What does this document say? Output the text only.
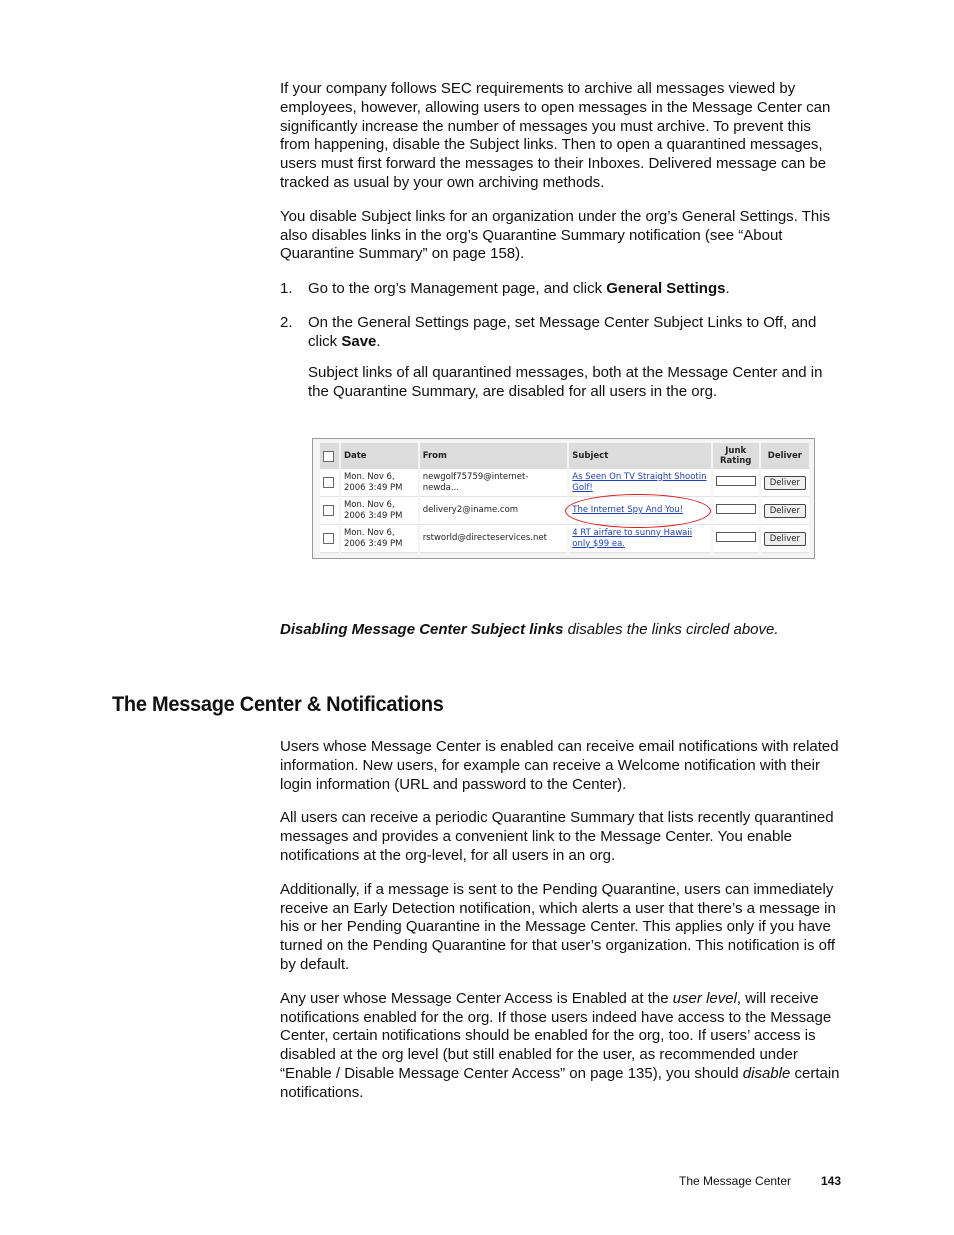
If your company follows SEC requirements to archive all messages viewed by employees, however, allowing users to open messages in the Message Center can significantly increase the number of messages you must archive. To prevent this from happening, disable the Subject links. Then to open a quarantined messages, users must first forward the messages to their Inboxes. Delivered message can be tracked as usual by your own archiving methods.

You disable Subject links for an organization under the org’s General Settings. This also disables links in the org’s Quarantine Summary notification (see “About Quarantine Summary” on page 158).

1. Go to the org’s Management page, and click General Settings.
2. On the General Settings page, set Message Center Subject Links to Off, and click Save.
Subject links of all quarantined messages, both at the Message Center and in the Quarantine Summary, are disabled for all users in the org.
	Date	From	Subject	Junk Rating	Deliver
	Mon. Nov 6, 2006 3:49 PM	newgolf75759@internet-newda...	As Seen On TV Straight Shootin Golf!		Deliver
	Mon. Nov 6, 2006 3:49 PM	delivery2@iname.com	The Internet Spy And You!		Deliver
	Mon. Nov 6, 2006 3:49 PM	rstworld@directeservices.net	4 RT airfare to sunny Hawaii only $99 ea.		Deliver
Disabling Message Center Subject links disables the links circled above.
The Message Center & Notifications

Users whose Message Center is enabled can receive email notifications with related information. New users, for example can receive a Welcome notification with their login information (URL and password to the Center).

All users can receive a periodic Quarantine Summary that lists recently quarantined messages and provides a convenient link to the Message Center. You enable notifications at the org-level, for all users in an org.

Additionally, if a message is sent to the Pending Quarantine, users can immediately receive an Early Detection notification, which alerts a user that there’s a message in his or her Pending Quarantine in the Message Center. This applies only if you have turned on the Pending Quarantine for that user’s organization. This notification is off by default.

Any user whose Message Center Access is Enabled at the user level, will receive notifications enabled for the org. If those users indeed have access to the Message Center, certain notifications should be enabled for the org, too. If users’ access is disabled at the org level (but still enabled for the user, as recommended under “Enable / Disable Message Center Access” on page 135), you should disable certain notifications.

The Message Center 143
